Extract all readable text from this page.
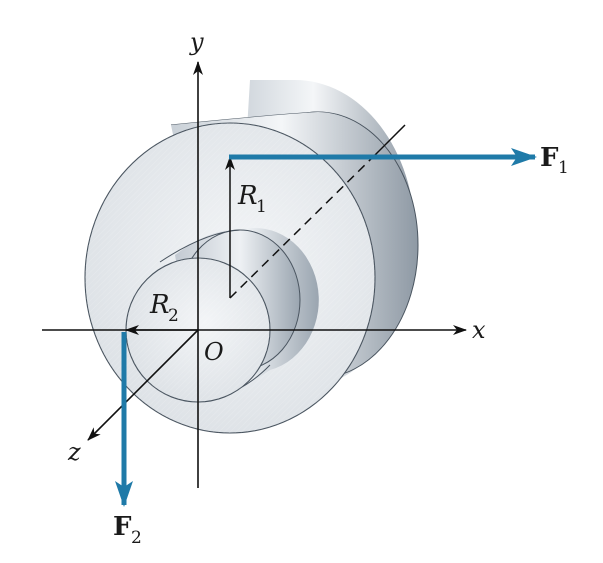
y
x
z
O
R
1
R
2
F 1
F 2
